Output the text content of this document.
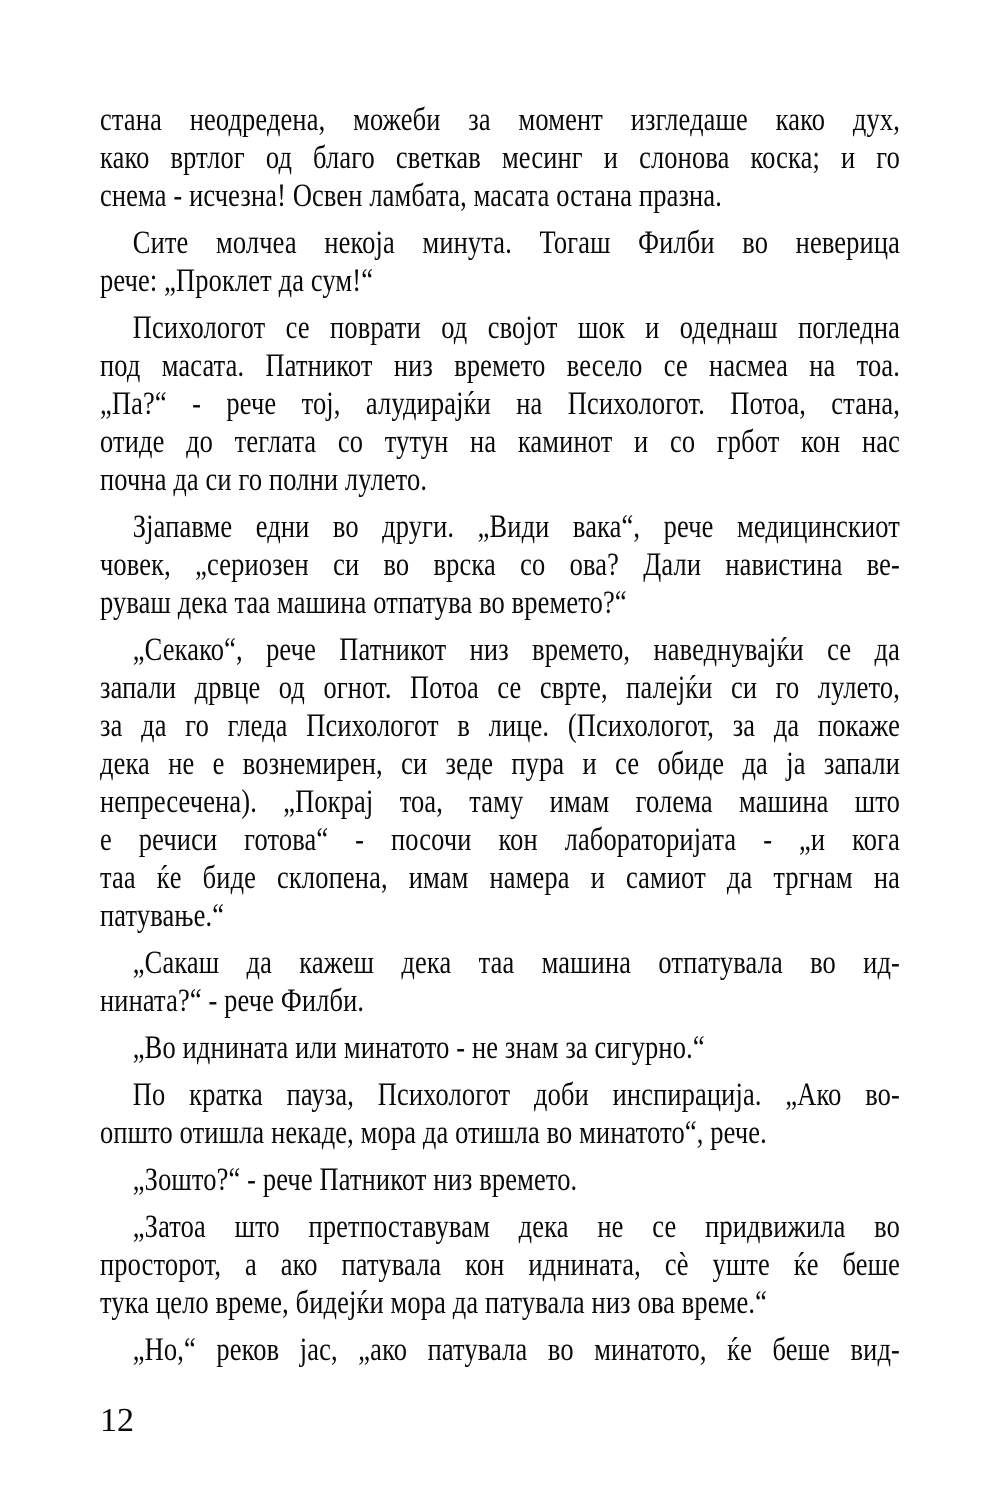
стана неодредена, можеби за момент изгледаше како дух,
како вртлог од благо светкав месинг и слонова коска; и го
снема - исчезна! Освен ламбата, масата остана празна.
Сите молчеа некоја минута. Тогаш Филби во неверица
рече: „Проклет да сум!“
Психологот се поврати од својот шок и одеднаш погледна
под масата. Патникот низ времето весело се насмеа на тоа.
„Па?“ - рече тој, алудирајќи на Психологот. Потоа, стана,
отиде до теглата со тутун на каминот и со грбот кон нас
почна да си го полни лулето.
Зјапавме едни во други. „Види вака“, рече медицинскиот
човек, „сериозен си во врска со ова? Дали навистина ве-
руваш дека таа машина отпатува во времето?“
„Секако“, рече Патникот низ времето, наведнувајќи се да
запали дрвце од огнот. Потоа се сврте, палејќи си го лулето,
за да го гледа Психологот в лице. (Психологот, за да покаже
дека не е вознемирен, си зеде пура и се обиде да ја запали
непресечена). „Покрај тоа, таму имам голема машина што
е речиси готова“ - посочи кон лабораторијата - „и кога
таа ќе биде склопена, имам намера и самиот да тргнам на
патување.“
„Сакаш да кажеш дека таа машина отпатувала во ид-
нината?“ - рече Филби.
„Во иднината или минатото - не знам за сигурно.“
По кратка пауза, Психологот доби инспирација. „Ако во-
општо отишла некаде, мора да отишла во минатото“, рече.
„Зошто?“ - рече Патникот низ времето.
„Затоа што претпоставувам дека не се придвижила во
просторот, а ако патувала кон иднината, сѐ уште ќе беше
тука цело време, бидејќи мора да патувала низ ова време.“
„Но,“ реков јас, „ако патувала во минатото, ќе беше вид-
12
